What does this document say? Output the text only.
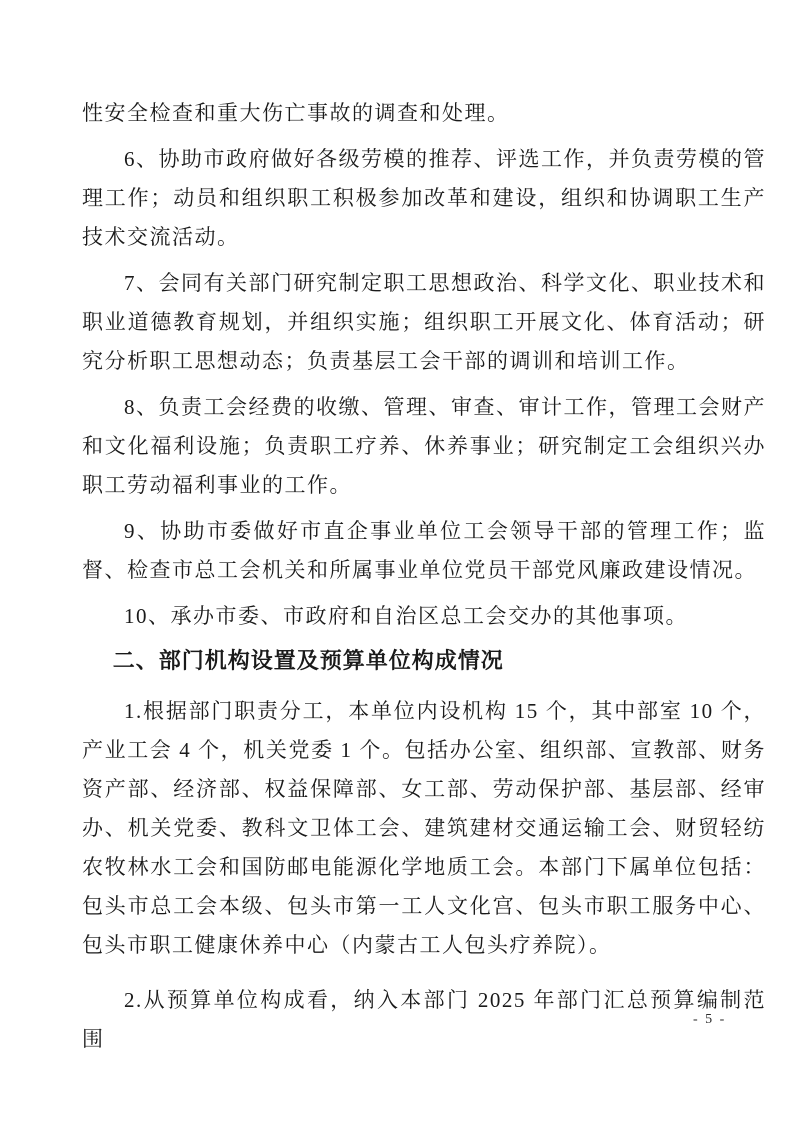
性安全检查和重大伤亡事故的调查和处理。

6、协助市政府做好各级劳模的推荐、评选工作，并负责劳模的管理工作；动员和组织职工积极参加改革和建设，组织和协调职工生产技术交流活动。

7、会同有关部门研究制定职工思想政治、科学文化、职业技术和职业道德教育规划，并组织实施；组织职工开展文化、体育活动；研究分析职工思想动态；负责基层工会干部的调训和培训工作。

8、负责工会经费的收缴、管理、审查、审计工作，管理工会财产和文化福利设施；负责职工疗养、休养事业；研究制定工会组织兴办职工劳动福利事业的工作。

9、协助市委做好市直企事业单位工会领导干部的管理工作；监督、检查市总工会机关和所属事业单位党员干部党风廉政建设情况。

10、承办市委、市政府和自治区总工会交办的其他事项。

二、部门机构设置及预算单位构成情况

1.根据部门职责分工，本单位内设机构 15 个，其中部室 10 个，产业工会 4 个，机关党委 1 个。包括办公室、组织部、宣教部、财务资产部、经济部、权益保障部、女工部、劳动保护部、基层部、经审办、机关党委、教科文卫体工会、建筑建材交通运输工会、财贸轻纺农牧林水工会和国防邮电能源化学地质工会。本部门下属单位包括：包头市总工会本级、包头市第一工人文化宫、包头市职工服务中心、包头市职工健康休养中心（内蒙古工人包头疗养院）。

2.从预算单位构成看，纳入本部门 2025 年部门汇总预算编制范围

- 5 -
